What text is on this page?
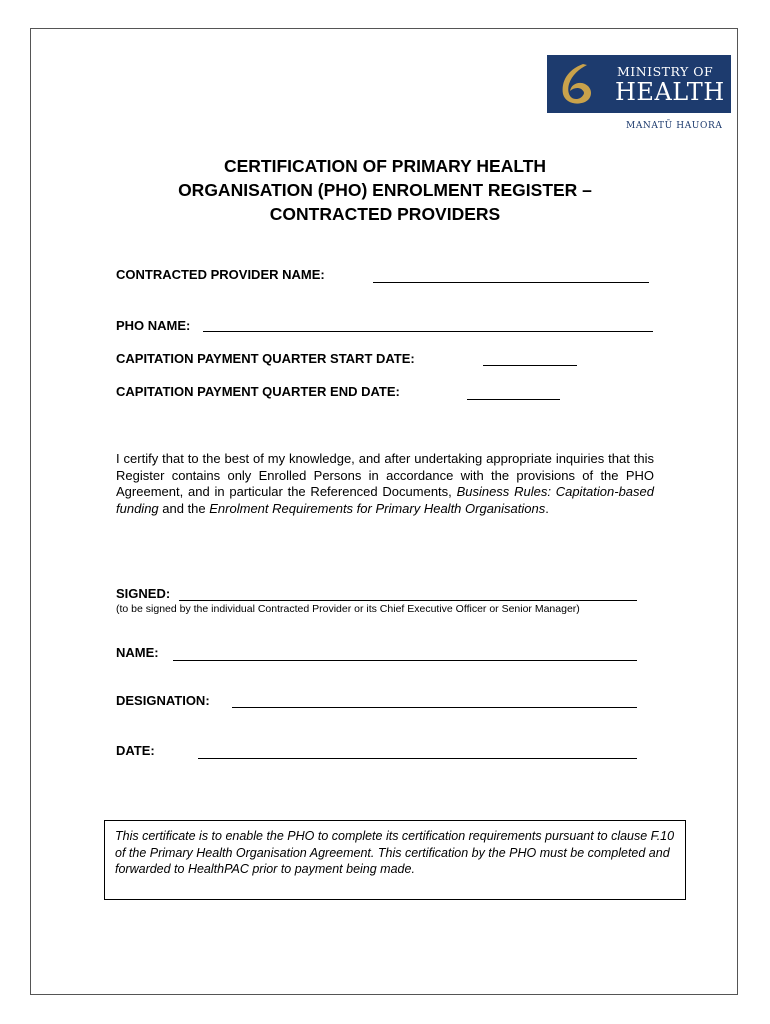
MINISTRY OF
HEALTH
MANATŪ HAUORA
CERTIFICATION OF PRIMARY HEALTH
ORGANISATION (PHO) ENROLMENT REGISTER –
CONTRACTED PROVIDERS
CONTRACTED PROVIDER NAME:
PHO NAME:
CAPITATION PAYMENT QUARTER START DATE:
CAPITATION PAYMENT QUARTER END DATE:
I certify that to the best of my knowledge, and after undertaking appropriate inquiries that this Register contains only Enrolled Persons in accordance with the provisions of the PHO Agreement, and in particular the Referenced Documents, Business Rules: Capitation-based funding and the Enrolment Requirements for Primary Health Organisations.
SIGNED:
(to be signed by the individual Contracted Provider or its Chief Executive Officer or Senior Manager)
NAME:
DESIGNATION:
DATE:
This certificate is to enable the PHO to complete its certification requirements pursuant to clause F.10 of the Primary Health Organisation Agreement. This certification by the PHO must be completed and forwarded to HealthPAC prior to payment being made.
